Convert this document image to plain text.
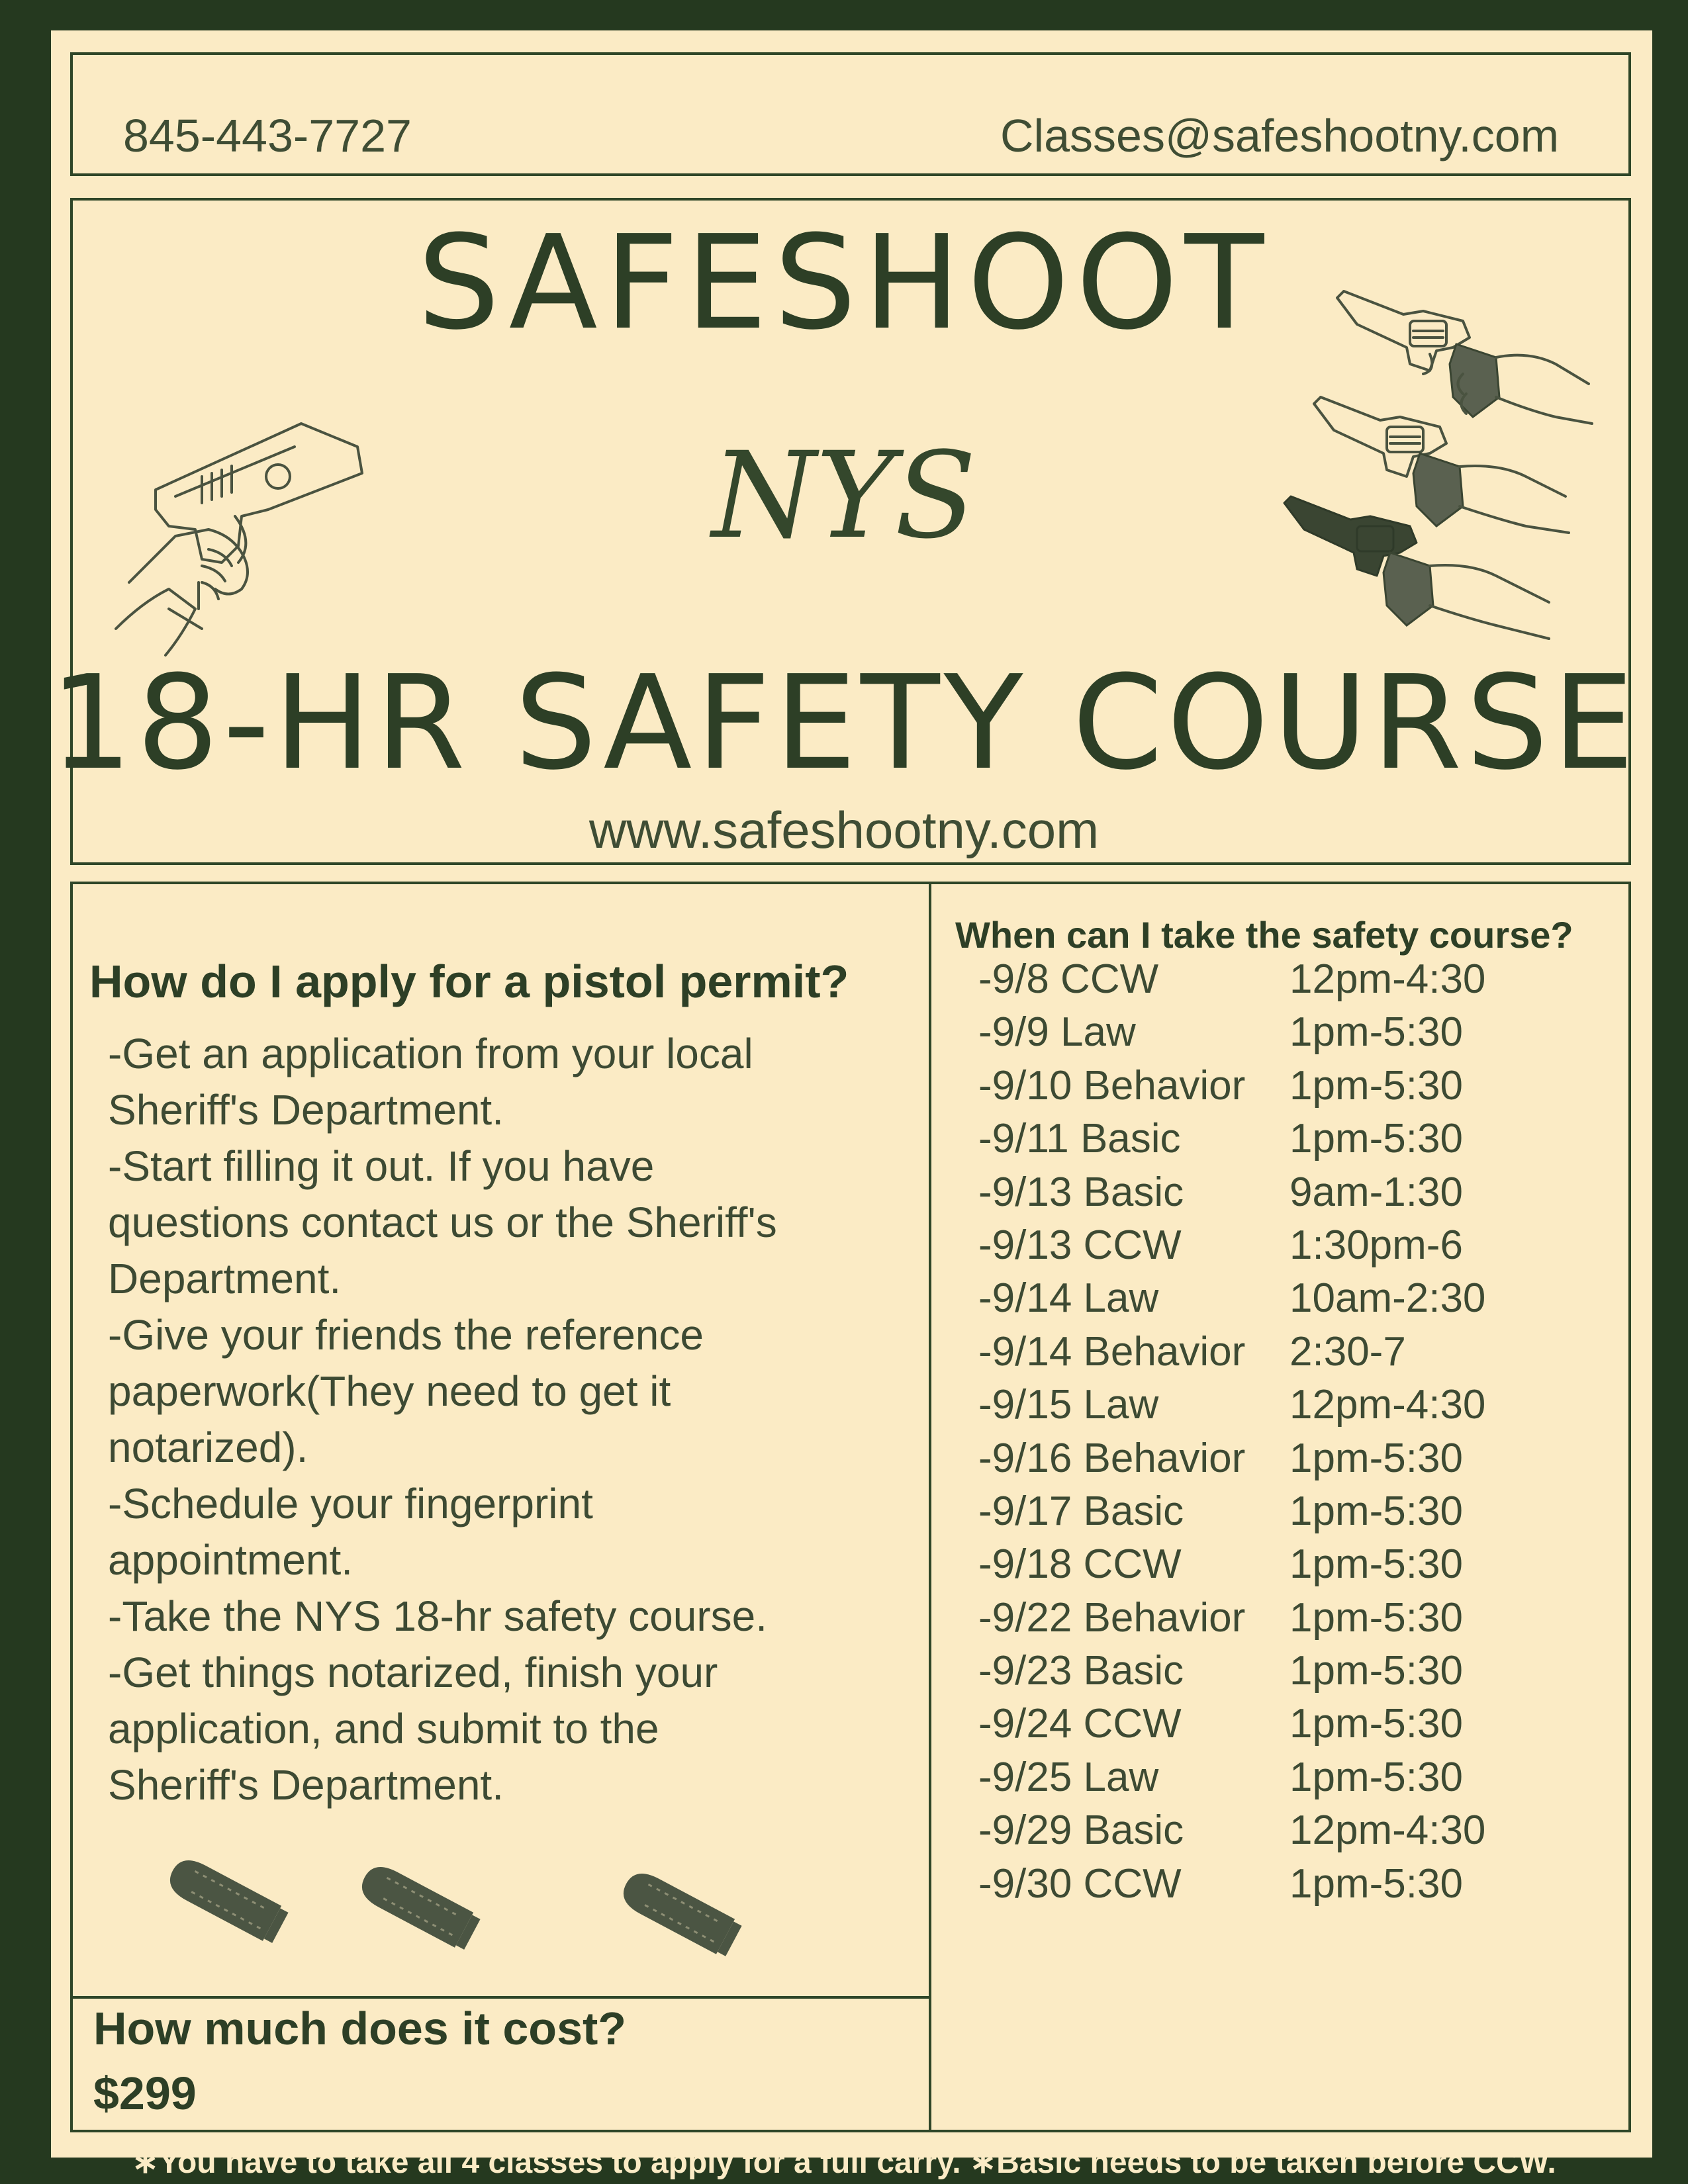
845-443-7727	Classes@safeshootny.com
SAFESHOOT
NYS
18-HR SAFETY COURSE
www.safeshootny.com
How do I apply for a pistol permit?
-Get an application from your local
Sheriff's Department.
-Start filling it out. If you have
questions contact us or the Sheriff's
Department.
-Give your friends the reference
paperwork(They need to get it
notarized).
-Schedule your fingerprint
appointment.
-Take the NYS 18-hr safety course.
-Get things notarized, finish your
application, and submit to the
Sheriff's Department.
How much does it cost?
$299
When can I take the safety course?
-9/8 CCW	12pm-4:30
-9/9 Law	1pm-5:30
-9/10 Behavior 1pm-5:30
-9/11 Basic	1pm-5:30
-9/13 Basic	9am-1:30
-9/13 CCW	1:30pm-6
-9/14 Law	10am-2:30
-9/14 Behavior 2:30-7
-9/15 Law	12pm-4:30
-9/16 Behavior 1pm-5:30
-9/17 Basic	1pm-5:30
-9/18 CCW	1pm-5:30
-9/22 Behavior 1pm-5:30
-9/23 Basic	1pm-5:30
-9/24 CCW	1pm-5:30
-9/25 Law	1pm-5:30
-9/29 Basic	12pm-4:30
-9/30 CCW	1pm-5:30
∗You have to take all 4 classes to apply for a full carry. ∗Basic needs to be taken before CCW.
